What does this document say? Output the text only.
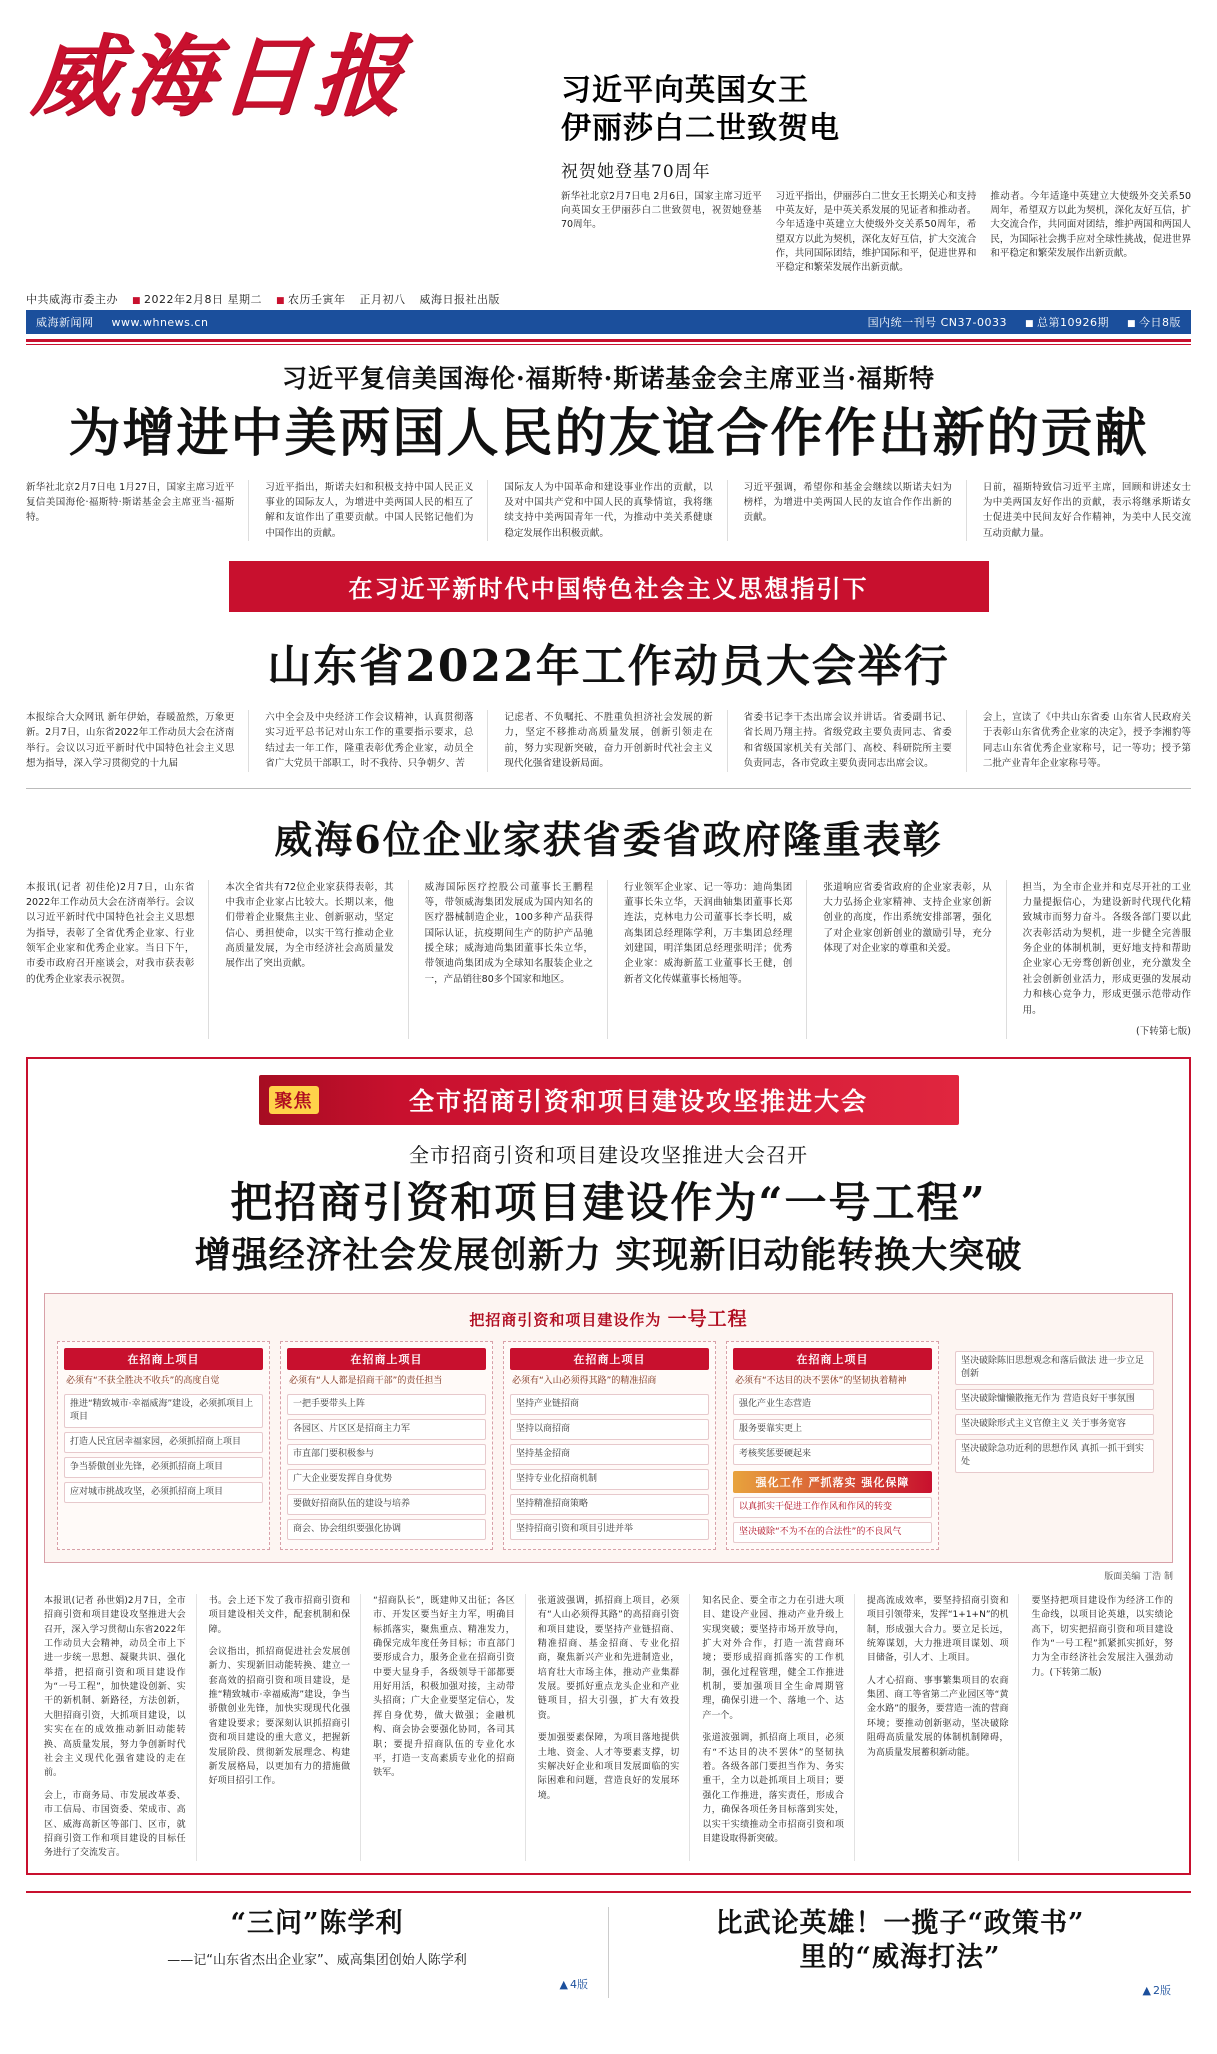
威海日报	习近平向英国女王
伊丽莎白二世致贺电
祝贺她登基70周年
新华社北京2月7日电 2月6日，国家主席习近平向英国女王伊丽莎白二世致贺电，祝贺她登基70周年。
习近平指出，伊丽莎白二世女王长期关心和支持中英友好，是中英关系发展的见证者和推动者。今年适逢中英建立大使级外交关系50周年，希望双方以此为契机，深化友好互信，扩大交流合作，共同国际团结，维护国际和平，促进世界和平稳定和繁荣发展作出新贡献。
推动者。今年适逢中英建立大使级外交关系50周年，希望双方以此为契机，深化友好互信，扩大交流合作，共同面对团结，维护两国和两国人民，为国际社会携手应对全球性挑战，促进世界和平稳定和繁荣发展作出新贡献。
中共威海市委主办	■ 2022年2月8日 星期二	■ 农历壬寅年 正月初八 威海日报社出版
威海新闻网 www.whnews.cn	国内统一刊号 CN37-0033	■ 总第10926期	■ 今日8版
习近平复信美国海伦·福斯特·斯诺基金会主席亚当·福斯特
为增进中美两国人民的友谊合作作出新的贡献
新华社北京2月7日电 1月27日，国家主席习近平复信美国海伦·福斯特·斯诺基金会主席亚当·福斯特。
习近平指出，斯诺夫妇和积极支持中国人民正义事业的国际友人，为增进中美两国人民的相互了解和友谊作出了重要贡献。中国人民铭记他们为中国作出的贡献。
国际友人为中国革命和建设事业作出的贡献，以及对中国共产党和中国人民的真挚情谊，我将继续支持中美两国青年一代，为推动中美关系健康稳定发展作出积极贡献。
习近平强调，希望你和基金会继续以斯诺夫妇为榜样，为增进中美两国人民的友谊合作作出新的贡献。
日前，福斯特致信习近平主席，回顾和讲述女士为中美两国友好作出的贡献，表示将继承斯诺女士促进美中民间友好合作精神，为美中人民交流互动贡献力量。
在习近平新时代中国特色社会主义思想指引下
山东省2022年工作动员大会举行
本报综合大众网讯 新年伊始，春暖盈然，万象更新。2月7日，山东省2022年工作动员大会在济南举行。会议以习近平新时代中国特色社会主义思想为指导，深入学习贯彻党的十九届
六中全会及中央经济工作会议精神，认真贯彻落实习近平总书记对山东工作的重要指示要求，总结过去一年工作，隆重表彰优秀企业家，动员全省广大党员干部职工，时不我待、只争朝夕、苦
记虑者、不负嘱托、不胜重负担济社会发展的新力，坚定不移推动高质量发展，创新引领走在前，努力实现新突破，奋力开创新时代社会主义现代化强省建设新局面。
省委书记李干杰出席会议并讲话。省委副书记、省长周乃翔主持。省级党政主要负责同志、省委和省级国家机关有关部门、高校、科研院所主要负责同志，各市党政主要负责同志出席会议。
会上，宣读了《中共山东省委 山东省人民政府关于表彰山东省优秀企业家的决定》，授予李湘豹等同志山东省优秀企业家称号，记一等功；授予第二批产业青年企业家称号等。
威海6位企业家获省委省政府隆重表彰
本报讯(记者 初佳伦)2月7日，山东省2022年工作动员大会在济南举行。会议以习近平新时代中国特色社会主义思想为指导，表彰了全省优秀企业家、行业领军企业家和优秀企业家。当日下午，市委市政府召开座谈会，对我市获表彰的优秀企业家表示祝贺。
本次全省共有72位企业家获得表彰，其中我市企业家占比较大。长期以来，他们带着企业聚焦主业、创新驱动，坚定信心、勇担使命，以实干笃行推动企业高质量发展，为全市经济社会高质量发展作出了突出贡献。
威海国际医疗控股公司董事长王鹏程等，带领威海集团发展成为国内知名的医疗器械制造企业，100多种产品获得国际认证，抗疫期间生产的防护产品驰援全球；威海迪尚集团董事长朱立华，带领迪尚集团成为全球知名服装企业之一，产品销往80多个国家和地区。
行业领军企业家、记一等功：迪尚集团董事长朱立华，天润曲轴集团董事长郑连法，克林电力公司董事长李长明，威高集团总经理陈学利，万丰集团总经理刘建国，明洋集团总经理张明洋；优秀企业家：威海新蓝工业董事长王健，创新者文化传媒董事长杨旭等。
张道响应省委省政府的企业家表彰，从大力弘扬企业家精神、支持企业家创新创业的高度，作出系统安排部署，强化了对企业家创新创业的激励引导，充分体现了对企业家的尊重和关爱。
担当，为全市企业并和克尽开社的工业力量提振信心，为建设新时代现代化精致城市而努力奋斗。各级各部门要以此次表彰活动为契机，进一步健全完善服务企业的体制机制，更好地支持和帮助企业家心无旁骛创新创业，充分激发全社会创新创业活力，形成更强的发展动力和核心竞争力，形成更强示范带动作用。
(下转第七版)
聚焦	全市招商引资和项目建设攻坚推进大会
全市招商引资和项目建设攻坚推进大会召开
把招商引资和项目建设作为“一号工程”
增强经济社会发展创新力 实现新旧动能转换大突破
把招商引资和项目建设作为 一号工程
在招商上项目
必须有“不获全胜决不收兵”的高度自觉
推进“精致城市·幸福威海”建设，必须抓项目上项目
打造人民宜居幸福家园，必须抓招商上项目
争当骄傲创业先锋，必须抓招商上项目
应对城市挑战攻坚，必须抓招商上项目
在招商上项目
必须有“人人都是招商干部”的责任担当
一把手要带头上阵
各园区、片区区是招商主力军
市直部门要积极参与
广大企业要发挥自身优势
要做好招商队伍的建设与培养
商会、协会组织要强化协调
在招商上项目
必须有“入山必须得其路”的精准招商
坚持产业链招商
坚持以商招商
坚持基金招商
坚持专业化招商机制
坚持精准招商策略
坚持招商引资和项目引进并举
在招商上项目
必须有“不达目的决不罢休”的坚韧执着精神
强化产业生态营造
服务要靠实更上
考核奖惩要硬起来
强化工作 严抓落实 强化保障
以真抓实干促进工作作风和作风的转变
坚决破除“不为不在的合法性”的不良风气
坚决破除陈旧思想观念和落后做法 进一步立足创新
坚决破除慵懒散拖无作为 营造良好干事氛围
坚决破除形式主义官僚主义 关于事务宽容
坚决破除急功近利的思想作风 真抓一抓干到实处
版面美编 丁浩 制
本报讯(记者 孙世娟)2月7日，全市招商引资和项目建设攻坚推进大会召开，深入学习贯彻山东省2022年工作动员大会精神，动员全市上下进一步统一思想、凝聚共识、强化举措，把招商引资和项目建设作为“一号工程”，加快建设创新、实干的新机制、新路径，方法创新，大胆招商引资，大抓项目建设，以实实在在的成效推动新旧动能转换、高质量发展，努力争创新时代社会主义现代化强省建设的走在前。
会上，市商务局、市发展改革委、市工信局、市国资委、荣成市、高区、威海高新区等部门、区市，就招商引资工作和项目建设的目标任务进行了交流发言。
书。会上还下发了我市招商引资和项目建设相关文件，配套机制和保障。
会议指出，抓招商促进社会发展创新力、实现新旧动能转换、建立一套高效的招商引资和项目建设，是推“精致城市·幸福威海”建设，争当骄傲创业先锋，加快实现现代化强省建设要求；要深刻认识抓招商引资和项目建设的重大意义，把握新发展阶段、贯彻新发展理念、构建新发展格局，以更加有力的措施做好项目招引工作。
“招商队长”，既建帅又出征；各区市、开发区要当好主力军，明确目标抓落实，聚焦重点、精准发力，确保完成年度任务目标；市直部门要形成合力，服务企业在招商引资中要大显身手，各级领导干部都要用好用活，积极加强对接，主动带头招商；广大企业要坚定信心，发挥自身优势，做大做强；金融机构、商会协会要强化协同，各司其职；要提升招商队伍的专业化水平，打造一支高素质专业化的招商铁军。
张道波强调，抓招商上项目，必须有“人山必须得其路”的高招商引资和项目建设，要坚持产业链招商、精准招商、基金招商、专业化招商，聚焦新兴产业和先进制造业，培育壮大市场主体，推动产业集群发展。要抓好重点龙头企业和产业链项目，招大引强，扩大有效投资。
要加强要素保障，为项目落地提供土地、资金、人才等要素支撑，切实解决好企业和项目发展面临的实际困难和问题，营造良好的发展环境。
知名民企、要全市之力在引进大项目、建设产业园、推动产业升级上实现突破；要坚持市场开放导向，扩大对外合作，打造一流营商环境；要形成招商抓落实的工作机制，强化过程管理，健全工作推进机制，要加强项目全生命周期管理，确保引进一个、落地一个、达产一个。
张道波强调，抓招商上项目，必须有“不达目的决不罢休”的坚韧执着。各级各部门要担当作为、务实重干，全力以赴抓项目上项目；要强化工作推进，落实责任，形成合力，确保各项任务目标落到实处，以实干实绩推动全市招商引资和项目建设取得新突破。
提高流成效率，要坚持招商引资和项目引领带来，发挥“1+1+N”的机制，形成强大合力。要立足长远，统筹谋划，大力推进项目谋划、项目储备，引人才、上项目。
人才心招商、事事繁集项目的农商集团、商工等省第二产业园区等“黄金水路”的服务，要营造一流的营商环境；要推动创新驱动，坚决破除阻碍高质量发展的体制机制障碍，为高质量发展蓄积新动能。
要坚持把项目建设作为经济工作的生命线，以项目论英雄，以实绩论高下，切实把招商引资和项目建设作为“一号工程”抓紧抓实抓好，努力为全市经济社会发展注入强劲动力。(下转第二版)
“三问”陈学利
——记“山东省杰出企业家”、威高集团创始人陈学利
▲ 4版
比武论英雄！一揽子“政策书”
里的“威海打法”
▲ 2版
